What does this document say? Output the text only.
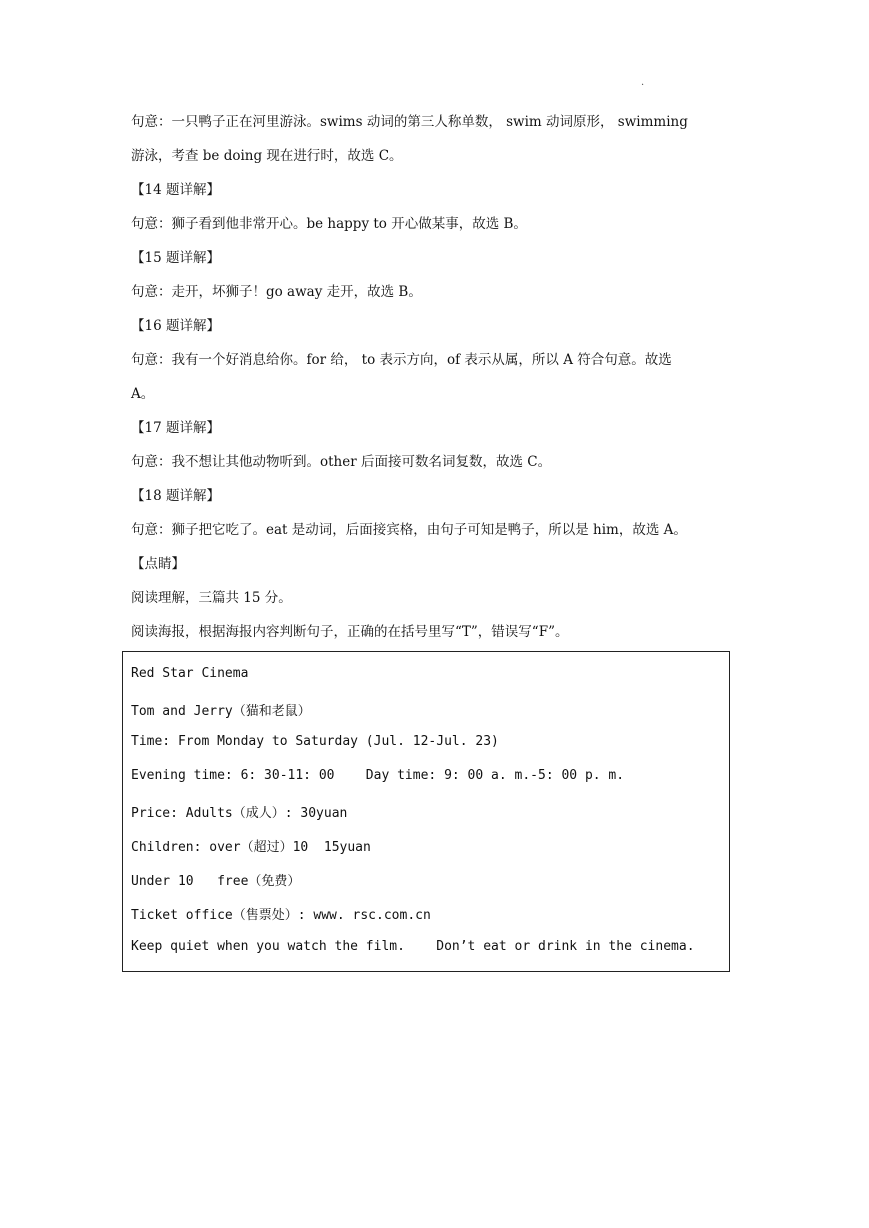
·
句意：一只鸭子正在河里游泳。swims 动词的第三人称单数， swim 动词原形， swimming
游泳，考查 be doing 现在进行时，故选 C。
【14 题详解】
句意：狮子看到他非常开心。be happy to 开心做某事，故选 B。
【15 题详解】
句意：走开，坏狮子！go away 走开，故选 B。
【16 题详解】
句意：我有一个好消息给你。for 给， to 表示方向，of 表示从属，所以 A 符合句意。故选
A。
【17 题详解】
句意：我不想让其他动物听到。other 后面接可数名词复数，故选 C。
【18 题详解】
句意：狮子把它吃了。eat 是动词，后面接宾格，由句子可知是鸭子，所以是 him，故选 A。
【点睛】
阅读理解，三篇共 15 分。
阅读海报，根据海报内容判断句子，正确的在括号里写“T”，错误写“F”。
Red Star Cinema
Tom and Jerry（猫和老鼠）
Time: From Monday to Saturday (Jul. 12-Jul. 23)
Evening time: 6: 30-11: 00    Day time: 9: 00 a. m.-5: 00 p. m.
Price: Adults（成人）: 30yuan
Children: over（超过）10  15yuan
Under 10   free（免费）
Ticket office（售票处）: www. rsc.com.cn
Keep quiet when you watch the film.    Don’t eat or drink in the cinema.
